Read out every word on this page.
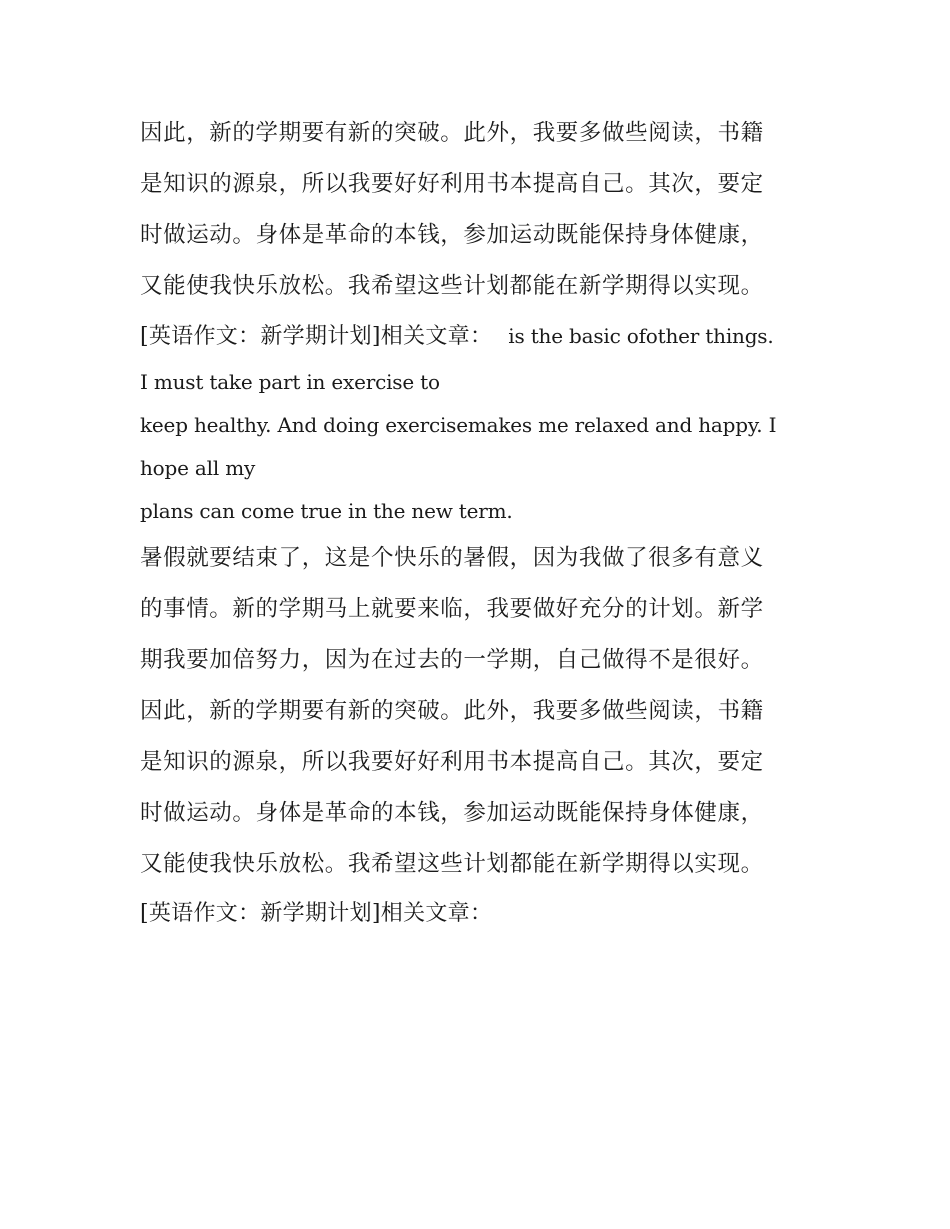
因此，新的学期要有新的突破。此外，我要多做些阅读，书籍
是知识的源泉，所以我要好好利用书本提高自己。其次，要定
时做运动。身体是革命的本钱，参加运动既能保持身体健康，
又能使我快乐放松。我希望这些计划都能在新学期得以实现。
[英语作文：新学期计划]相关文章： is the basic ofother things.
I must take part in exercise to
keep healthy. And doing exercisemakes me relaxed and happy. I
hope all my
plans can come true in the new term.
暑假就要结束了，这是个快乐的暑假，因为我做了很多有意义
的事情。新的学期马上就要来临，我要做好充分的计划。新学
期我要加倍努力，因为在过去的一学期，自己做得不是很好。
因此，新的学期要有新的突破。此外，我要多做些阅读，书籍
是知识的源泉，所以我要好好利用书本提高自己。其次，要定
时做运动。身体是革命的本钱，参加运动既能保持身体健康，
又能使我快乐放松。我希望这些计划都能在新学期得以实现。
[英语作文：新学期计划]相关文章：
